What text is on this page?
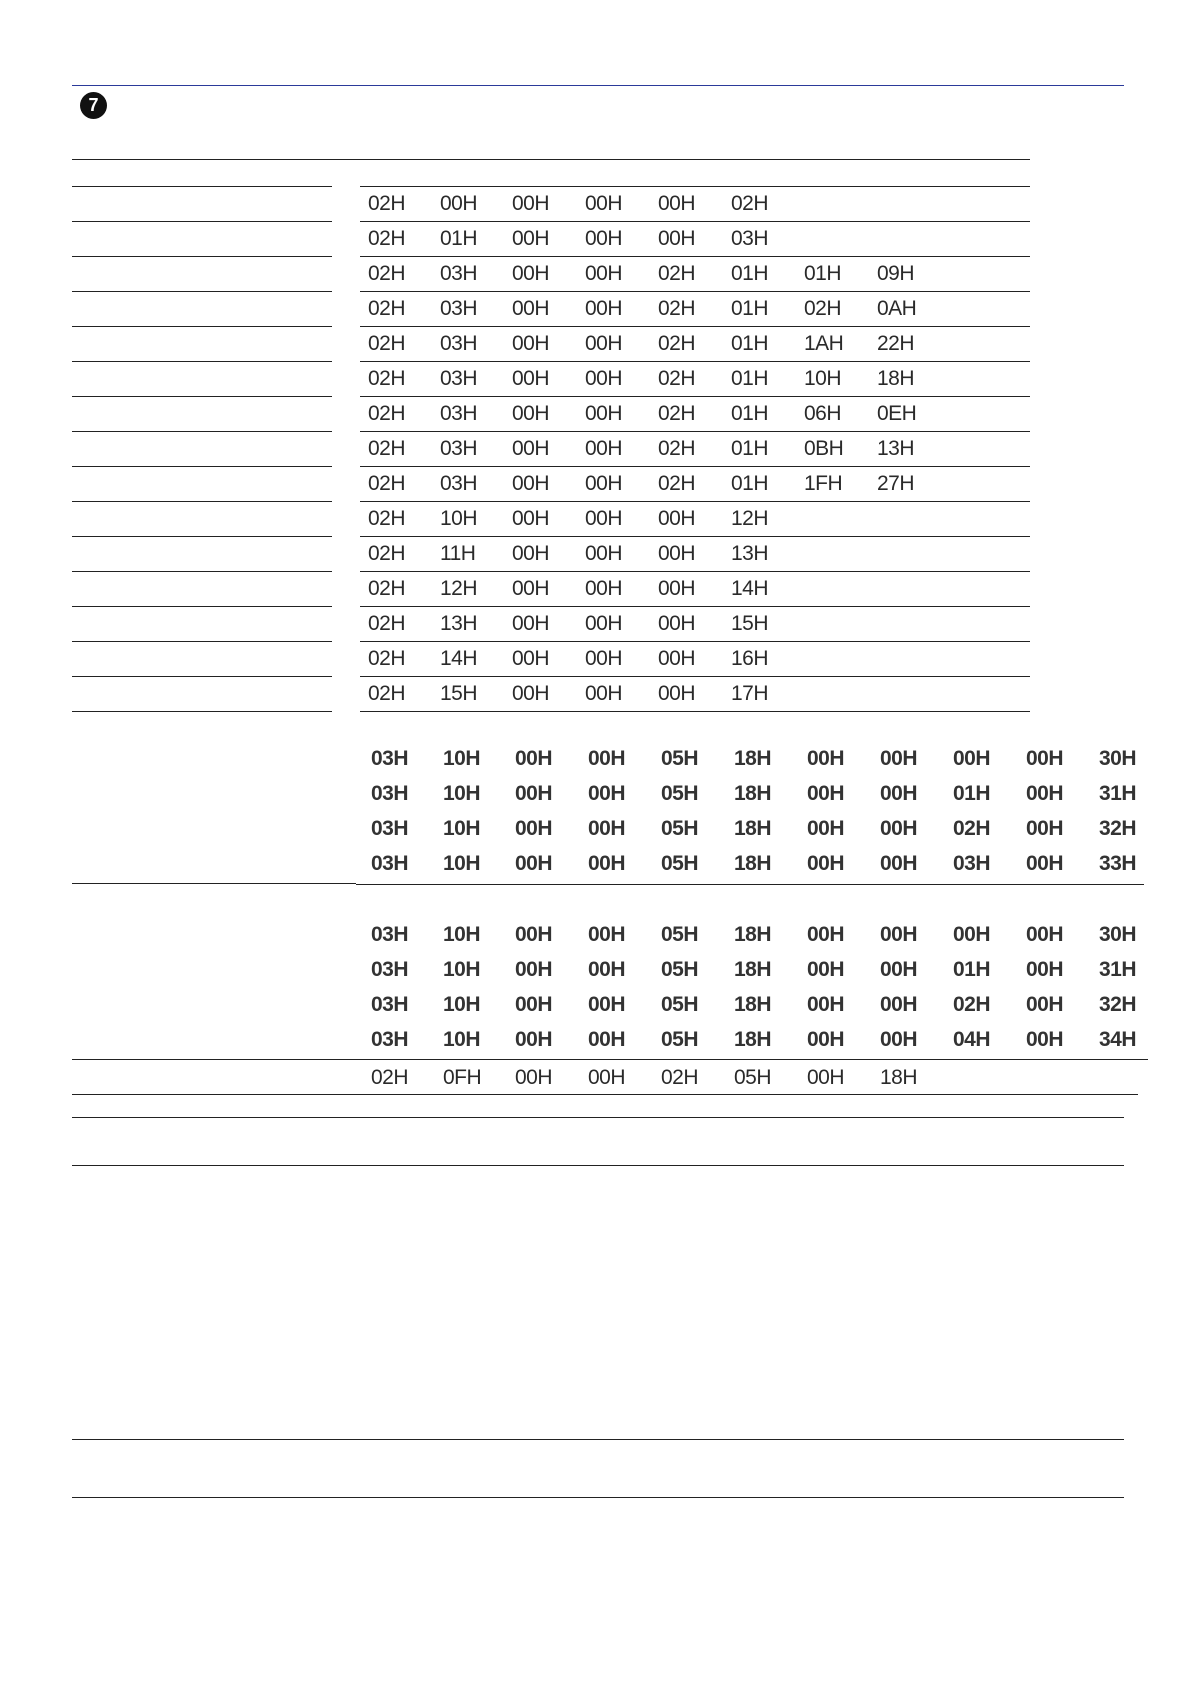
7
02H	00H	00H	00H	00H	02H
02H	01H	00H	00H	00H	03H
02H	03H	00H	00H	02H	01H	01H	09H
02H	03H	00H	00H	02H	01H	02H	0AH
02H	03H	00H	00H	02H	01H	1AH	22H
02H	03H	00H	00H	02H	01H	10H	18H
02H	03H	00H	00H	02H	01H	06H	0EH
02H	03H	00H	00H	02H	01H	0BH	13H
02H	03H	00H	00H	02H	01H	1FH	27H
02H	10H	00H	00H	00H	12H
02H	11H	00H	00H	00H	13H
02H	12H	00H	00H	00H	14H
02H	13H	00H	00H	00H	15H
02H	14H	00H	00H	00H	16H
02H	15H	00H	00H	00H	17H
03H	10H	00H	00H	05H	18H	00H	00H	00H	00H	30H
03H	10H	00H	00H	05H	18H	00H	00H	01H	00H	31H
03H	10H	00H	00H	05H	18H	00H	00H	02H	00H	32H
03H	10H	00H	00H	05H	18H	00H	00H	03H	00H	33H
03H	10H	00H	00H	05H	18H	00H	00H	00H	00H	30H
03H	10H	00H	00H	05H	18H	00H	00H	01H	00H	31H
03H	10H	00H	00H	05H	18H	00H	00H	02H	00H	32H
03H	10H	00H	00H	05H	18H	00H	00H	04H	00H	34H
02H	0FH	00H	00H	02H	05H	00H	18H
